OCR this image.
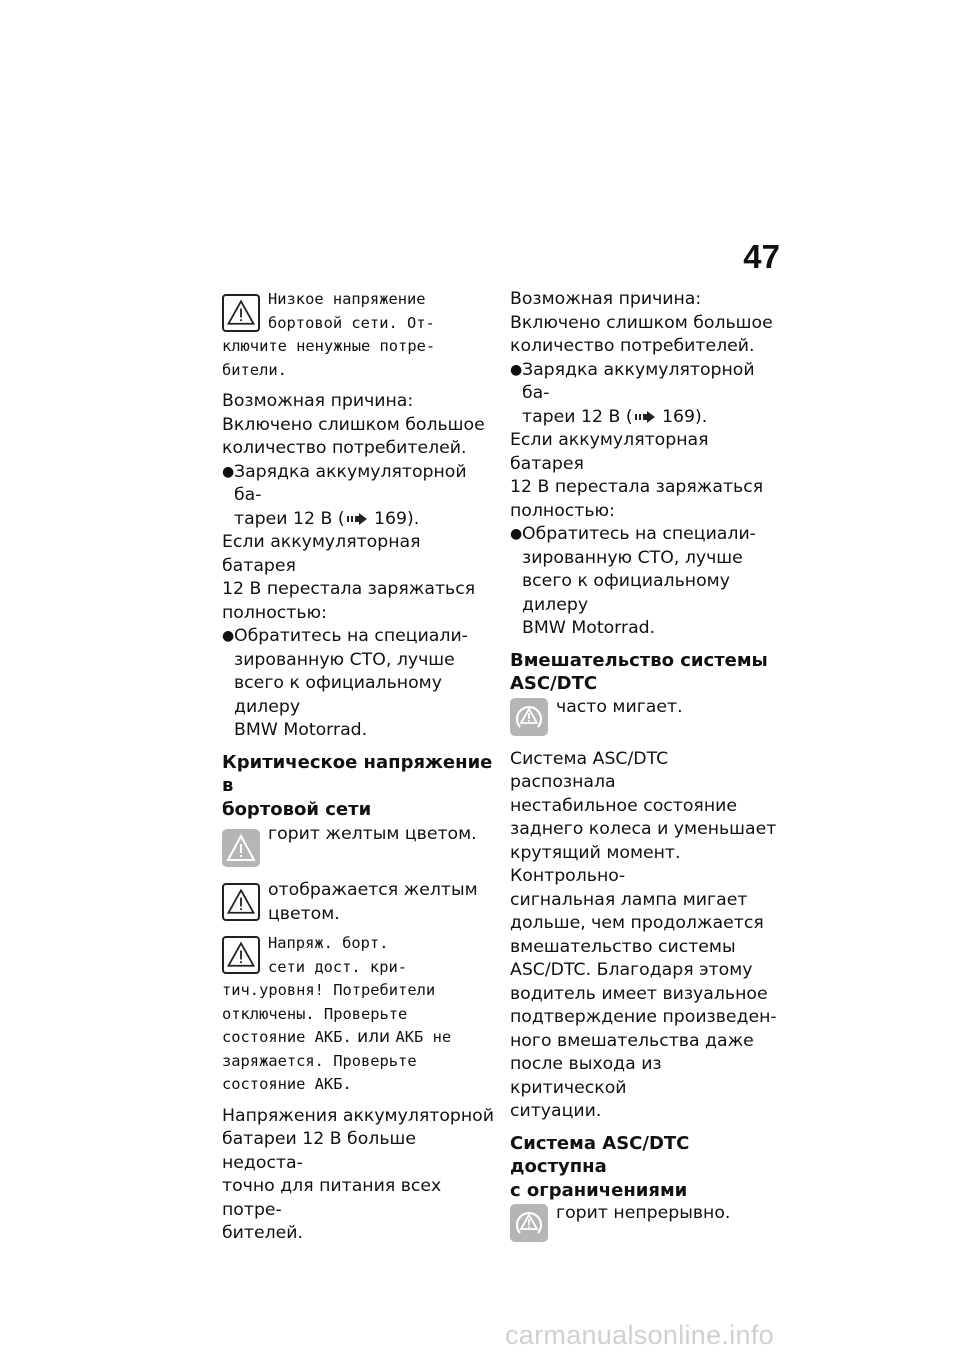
47
Низкое напряжение
бортовой сети. От-
ключите ненужные потре-
бители.
Возможная причина:
Включено слишком большое
количество потребителей.
● Зарядка аккумуляторной ба-
тареи 12 В ( 169).
Если аккумуляторная батарея
12 В перестала заряжаться
полностью:
● Обратитесь на специали-
зированную СТО, лучше
всего к официальному дилеру
BMW Motorrad.
Критическое напряжение в
бортовой сети
горит желтым цветом.
отображается желтым
цветом.
Напряж. борт.
сети дост. кри-
тич.уровня! Потребители
отключены. Проверьте
состояние АКБ. или АКБ не
заряжается. Проверьте
состояние АКБ.
Напряжения аккумуляторной
батареи 12 В больше недоста-
точно для питания всех потре-
бителей.
Возможная причина:
Включено слишком большое
количество потребителей.
● Зарядка аккумуляторной ба-
тареи 12 В ( 169).
Если аккумуляторная батарея
12 В перестала заряжаться
полностью:
● Обратитесь на специали-
зированную СТО, лучше
всего к официальному дилеру
BMW Motorrad.
Вмешательство системы
ASC/DTC
часто мигает.
Система ASC/DTC распознала
нестабильное состояние
заднего колеса и уменьшает
крутящий момент. Контрольно-
сигнальная лампа мигает
дольше, чем продолжается
вмешательство системы
ASC/DTC. Благодаря этому
водитель имеет визуальное
подтверждение произведен-
ного вмешательства даже
после выхода из критической
ситуации.
Система ASC/DTC доступна
с ограничениями
горит непрерывно.
carmanualsonline.info
